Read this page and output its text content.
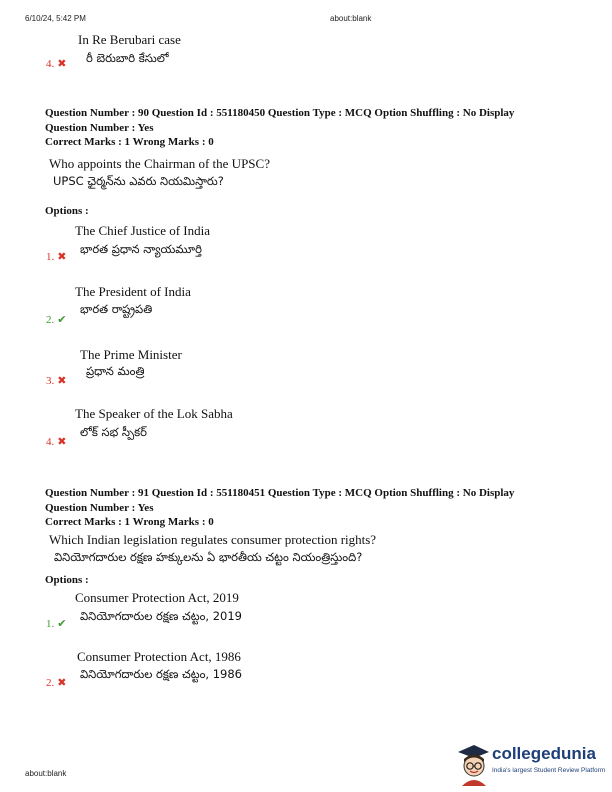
6/10/24, 5:42 PM	about:blank
In Re Berubari case
4. ✖ రీ బెరుబారి కేసులో
Question Number : 90 Question Id : 551180450 Question Type : MCQ Option Shuffling : No Display
Question Number : Yes
Correct Marks : 1 Wrong Marks : 0
Who appoints the Chairman of the UPSC?
UPSC ఛైర్మన్‌ను ఎవరు నియమిస్తారు?
Options :
The Chief Justice of India
భారత ప్రధాన న్యాయమూర్తి
1. ✖
The President of India
భారత రాష్ట్రపతి
2. ✔
The Prime Minister
ప్రధాన మంత్రి
3. ✖
The Speaker of the Lok Sabha
లోక్ సభ స్పీకర్
4. ✖
Question Number : 91 Question Id : 551180451 Question Type : MCQ Option Shuffling : No Display
Question Number : Yes
Correct Marks : 1 Wrong Marks : 0
Which Indian legislation regulates consumer protection rights?
వినియోగదారుల రక్షణ హక్కులను ఏ భారతీయ చట్టం నియంత్రిస్తుంది?
Options :
Consumer Protection Act, 2019
వినియోగదారుల రక్షణ చట్టం, 2019
1. ✔
Consumer Protection Act, 1986
వినియోగదారుల రక్షణ చట్టం, 1986
2. ✖
about:blank
collegedunia
India's largest Student Review Platform
